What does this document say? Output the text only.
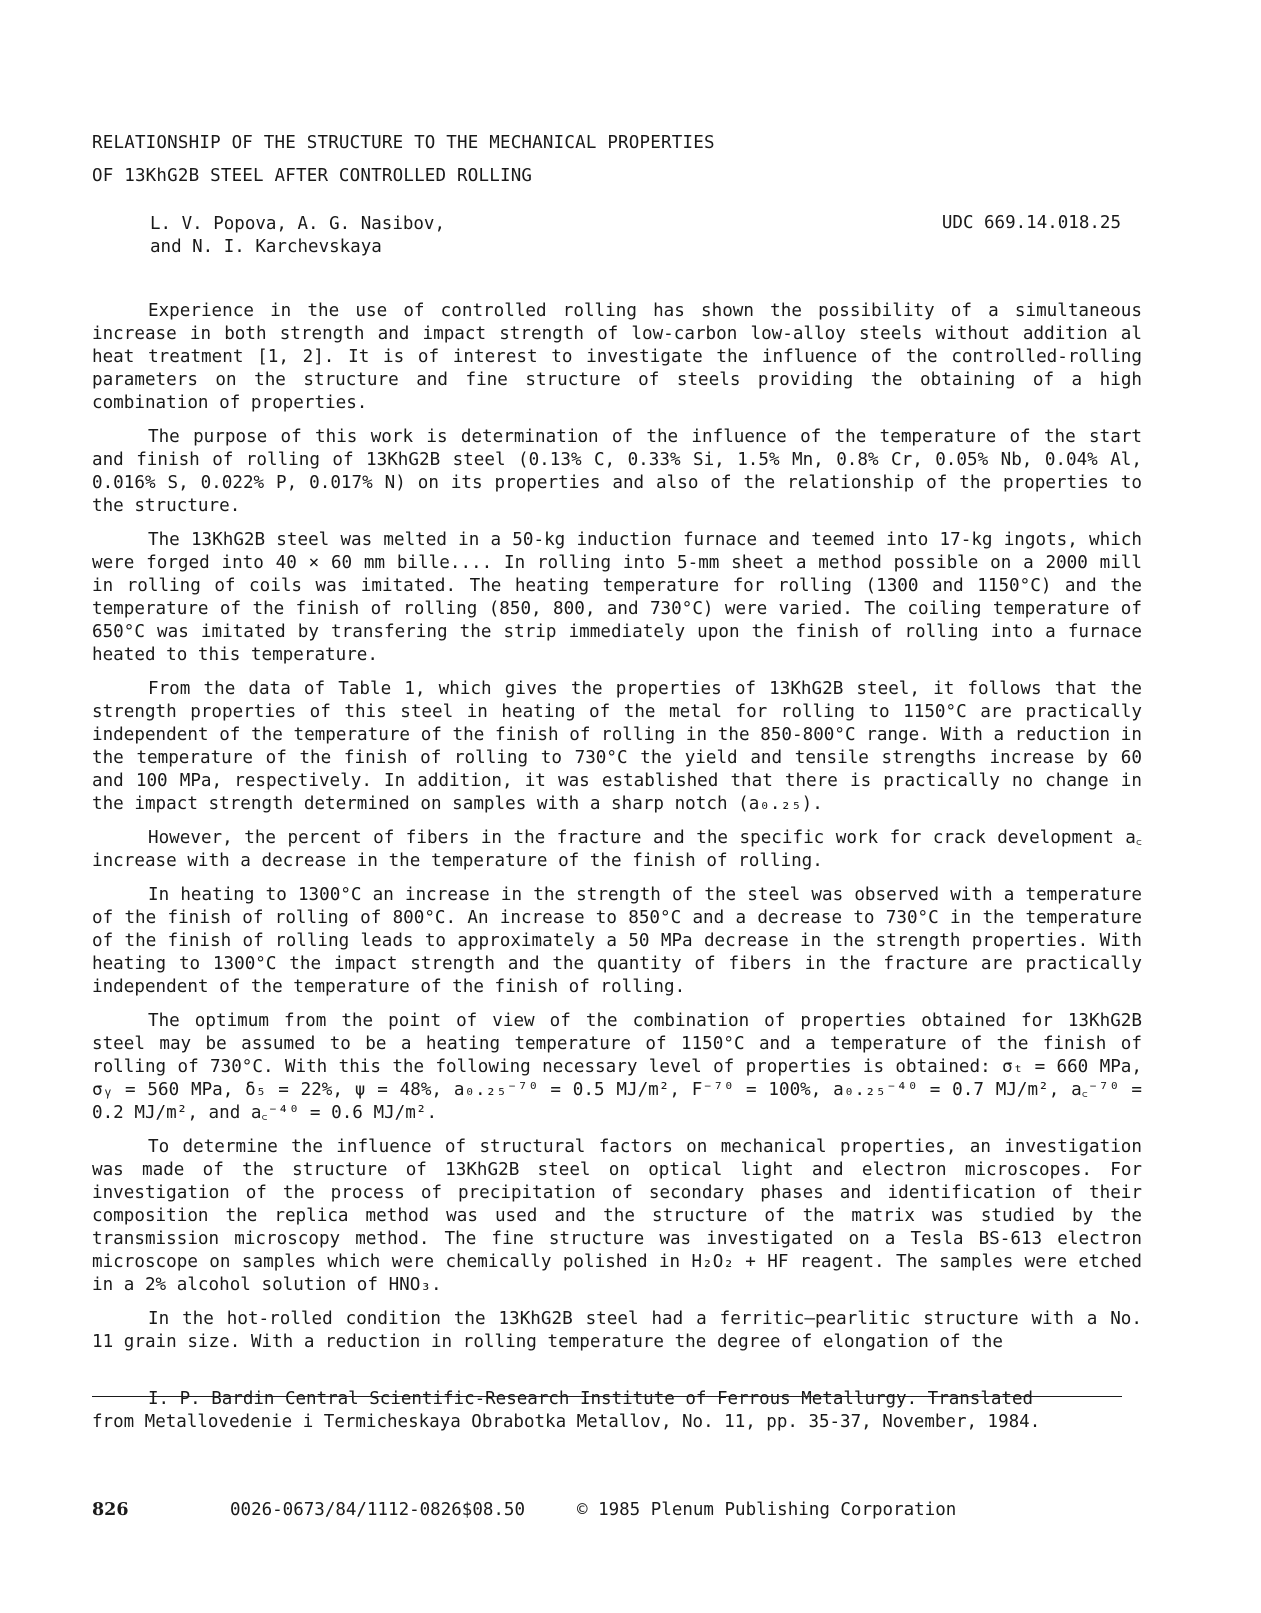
RELATIONSHIP OF THE STRUCTURE TO THE MECHANICAL PROPERTIES
OF 13KhG2B STEEL AFTER CONTROLLED ROLLING
L. V. Popova, A. G. Nasibov,
and N. I. Karchevskaya
UDC 669.14.018.25

Experience in the use of controlled rolling has shown the possibility of a simultaneous increase in both strength and impact strength of low-carbon low-alloy steels without addition al heat treatment [1, 2]. It is of interest to investigate the influence of the controlled-rolling parameters on the structure and fine structure of steels providing the obtaining of a high combination of properties.

The purpose of this work is determination of the influence of the temperature of the start and finish of rolling of 13KhG2B steel (0.13% C, 0.33% Si, 1.5% Mn, 0.8% Cr, 0.05% Nb, 0.04% Al, 0.016% S, 0.022% P, 0.017% N) on its properties and also of the relationship of the properties to the structure.

The 13KhG2B steel was melted in a 50-kg induction furnace and teemed into 17-kg ingots, which were forged into 40 × 60 mm bille.... In rolling into 5-mm sheet a method possible on a 2000 mill in rolling of coils was imitated. The heating temperature for rolling (1300 and 1150°C) and the temperature of the finish of rolling (850, 800, and 730°C) were varied. The coiling temperature of 650°C was imitated by transfering the strip immediately upon the finish of rolling into a furnace heated to this temperature.

From the data of Table 1, which gives the properties of 13KhG2B steel, it follows that the strength properties of this steel in heating of the metal for rolling to 1150°C are practically independent of the temperature of the finish of rolling in the 850-800°C range. With a reduction in the temperature of the finish of rolling to 730°C the yield and tensile strengths increase by 60 and 100 MPa, respectively. In addition, it was established that there is practically no change in the impact strength determined on samples with a sharp notch (a₀.₂₅).

However, the percent of fibers in the fracture and the specific work for crack development a꜀ increase with a decrease in the temperature of the finish of rolling.

In heating to 1300°C an increase in the strength of the steel was observed with a temperature of the finish of rolling of 800°C. An increase to 850°C and a decrease to 730°C in the temperature of the finish of rolling leads to approximately a 50 MPa decrease in the strength properties. With heating to 1300°C the impact strength and the quantity of fibers in the fracture are practically independent of the temperature of the finish of rolling.

The optimum from the point of view of the combination of properties obtained for 13KhG2B steel may be assumed to be a heating temperature of 1150°C and a temperature of the finish of rolling of 730°C. With this the following necessary level of properties is obtained: σₜ = 660 MPa, σᵧ = 560 MPa, δ₅ = 22%, ψ = 48%, a₀.₂₅⁻⁷⁰ = 0.5 MJ/m², F⁻⁷⁰ = 100%, a₀.₂₅⁻⁴⁰ = 0.7 MJ/m², a꜀⁻⁷⁰ = 0.2 MJ/m², and a꜀⁻⁴⁰ = 0.6 MJ/m².

To determine the influence of structural factors on mechanical properties, an investigation was made of the structure of 13KhG2B steel on optical light and electron microscopes. For investigation of the process of precipitation of secondary phases and identification of their composition the replica method was used and the structure of the matrix was studied by the transmission microscopy method. The fine structure was investigated on a Tesla BS-613 electron microscope on samples which were chemically polished in H₂O₂ + HF reagent. The samples were etched in a 2% alcohol solution of HNO₃.

In the hot-rolled condition the 13KhG2B steel had a ferritic—pearlitic structure with a No. 11 grain size. With a reduction in rolling temperature the degree of elongation of the

I. P. Bardin Central Scientific-Research Institute of Ferrous Metallurgy. Translated
from Metallovedenie i Termicheskaya Obrabotka Metallov, No. 11, pp. 35-37, November, 1984.
826	0026-0673/84/1112-0826$08.50	© 1985 Plenum Publishing Corporation
